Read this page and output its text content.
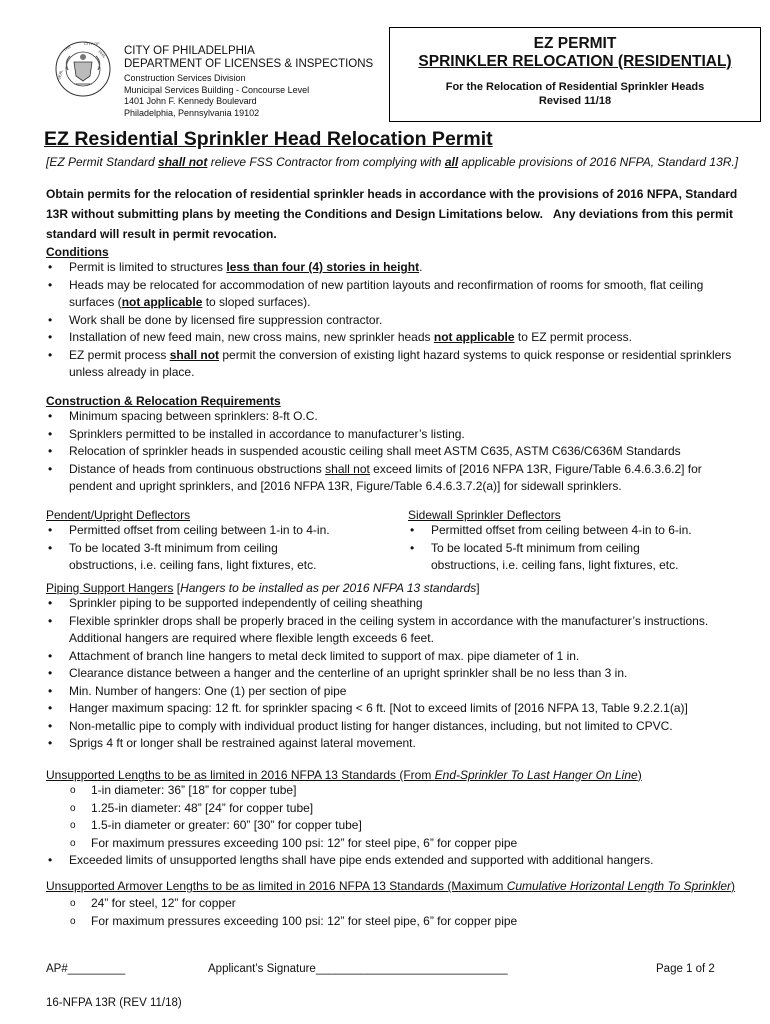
THE
CITY OF
PHIL
SEAL
CITY OF PHILADELPHIA
DEPARTMENT OF LICENSES & INSPECTIONS
Construction Services Division
Municipal Services Building - Concourse Level
1401 John F. Kennedy Boulevard
Philadelphia, Pennsylvania 19102
EZ PERMIT
SPRINKLER RELOCATION (RESIDENTIAL)
For the Relocation of Residential Sprinkler Heads
Revised 11/18
EZ Residential Sprinkler Head Relocation Permit
[EZ Permit Standard shall not relieve FSS Contractor from complying with all applicable provisions of 2016 NFPA, Standard 13R.]
Obtain permits for the relocation of residential sprinkler heads in accordance with the provisions of 2016 NFPA, Standard 13R without submitting plans by meeting the Conditions and Design Limitations below. Any deviations from this permit standard will result in permit revocation.
Conditions
• Permit is limited to structures less than four (4) stories in height.
• Heads may be relocated for accommodation of new partition layouts and reconfirmation of rooms for smooth, flat ceiling surfaces (not applicable to sloped surfaces).
• Work shall be done by licensed fire suppression contractor.
• Installation of new feed main, new cross mains, new sprinkler heads not applicable to EZ permit process.
• EZ permit process shall not permit the conversion of existing light hazard systems to quick response or residential sprinklers unless already in place.
Construction & Relocation Requirements
• Minimum spacing between sprinklers: 8-ft O.C.
• Sprinklers permitted to be installed in accordance to manufacturer’s listing.
• Relocation of sprinkler heads in suspended acoustic ceiling shall meet ASTM C635, ASTM C636/C636M Standards
• Distance of heads from continuous obstructions shall not exceed limits of [2016 NFPA 13R, Figure/Table 6.4.6.3.6.2] for pendent and upright sprinklers, and [2016 NFPA 13R, Figure/Table 6.4.6.3.7.2(a)] for sidewall sprinklers.
Pendent/Upright Deflectors
• Permitted offset from ceiling between 1-in to 4-in.
• To be located 3-ft minimum from ceiling obstructions, i.e. ceiling fans, light fixtures, etc.
Sidewall Sprinkler Deflectors
• Permitted offset from ceiling between 4-in to 6-in.
• To be located 5-ft minimum from ceiling obstructions, i.e. ceiling fans, light fixtures, etc.
Piping Support Hangers [Hangers to be installed as per 2016 NFPA 13 standards]
• Sprinkler piping to be supported independently of ceiling sheathing
• Flexible sprinkler drops shall be properly braced in the ceiling system in accordance with the manufacturer’s instructions. Additional hangers are required where flexible length exceeds 6 feet.
• Attachment of branch line hangers to metal deck limited to support of max. pipe diameter of 1 in.
• Clearance distance between a hanger and the centerline of an upright sprinkler shall be no less than 3 in.
• Min. Number of hangers: One (1) per section of pipe
• Hanger maximum spacing: 12 ft. for sprinkler spacing < 6 ft. [Not to exceed limits of [2016 NFPA 13, Table 9.2.2.1(a)]
• Non-metallic pipe to comply with individual product listing for hanger distances, including, but not limited to CPVC.
• Sprigs 4 ft or longer shall be restrained against lateral movement.
Unsupported Lengths to be as limited in 2016 NFPA 13 Standards (From End-Sprinkler To Last Hanger On Line)
o 1-in diameter: 36” [18” for copper tube]
o 1.25-in diameter: 48” [24” for copper tube]
o 1.5-in diameter or greater: 60” [30” for copper tube]
o For maximum pressures exceeding 100 psi: 12” for steel pipe, 6” for copper pipe
• Exceeded limits of unsupported lengths shall have pipe ends extended and supported with additional hangers.
Unsupported Armover Lengths to be as limited in 2016 NFPA 13 Standards (Maximum Cumulative Horizontal Length To Sprinkler)
o 24” for steel, 12” for copper
o For maximum pressures exceeding 100 psi: 12” for steel pipe, 6” for copper pipe
AP#_________	Applicant’s Signature______________________________	Page 1 of 2
16-NFPA 13R (REV 11/18)
